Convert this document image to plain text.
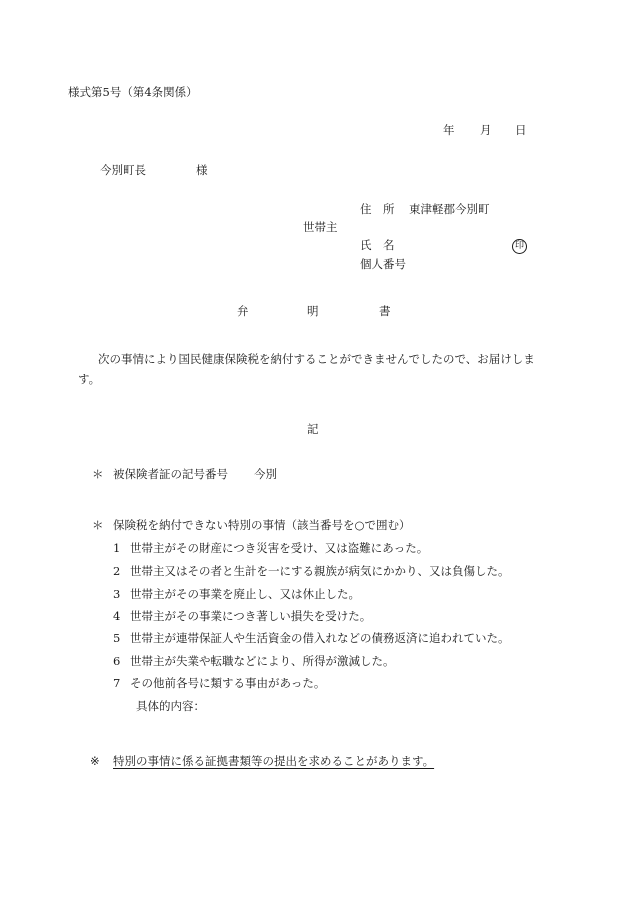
様式第5号（第4条関係）
年 月 日
今別町長	様
住　所 東津軽郡今別町
世帯主
氏　名	印
個人番号
弁	明	書
次の事情により国民健康保険税を納付することができませんでしたので、お届けします。
記
＊ 被保険者証の記号番号 今別
＊ 保険税を納付できない特別の事情（該当番号を○で囲む）
1 世帯主がその財産につき災害を受け、又は盗難にあった。
2 世帯主又はその者と生計を一にする親族が病気にかかり、又は負傷した。
3 世帯主がその事業を廃止し、又は休止した。
4 世帯主がその事業につき著しい損失を受けた。
5 世帯主が連帯保証人や生活資金の借入れなどの債務返済に追われていた。
6 世帯主が失業や転職などにより、所得が激減した。
7 その他前各号に類する事由があった。
具体的内容：
※ 特別の事情に係る証拠書類等の提出を求めることがあります。
